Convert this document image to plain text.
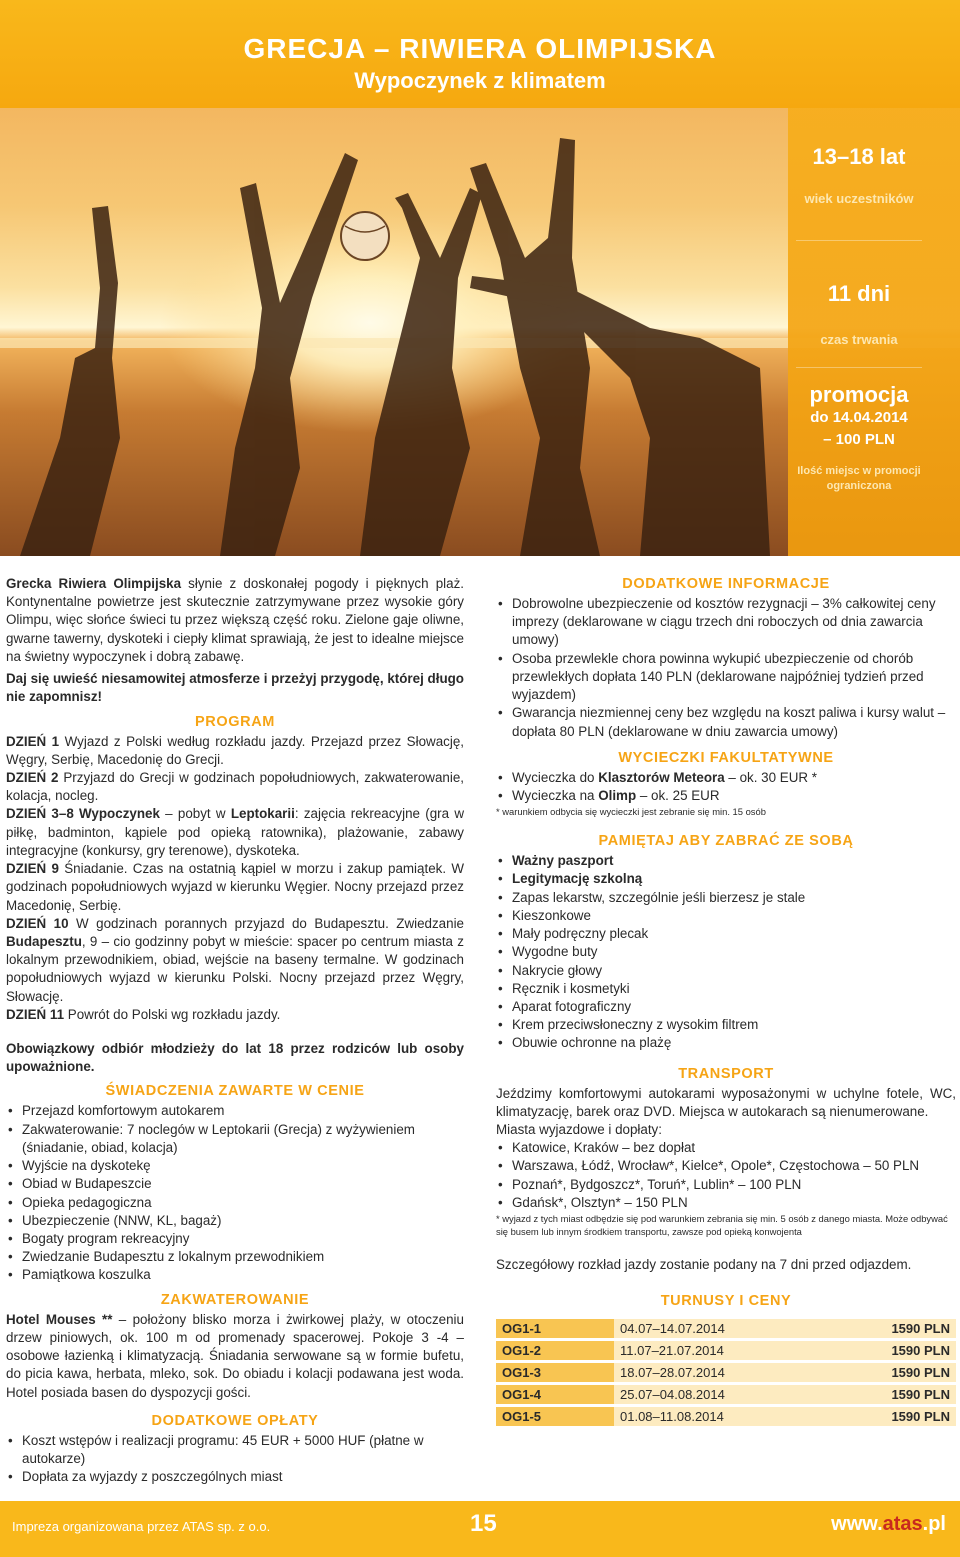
GRECJA – RIWIERA OLIMPIJSKA
Wypoczynek z klimatem
13–18 lat
wiek uczestników
11 dni
czas trwania
promocja
do 14.04.2014
– 100 PLN
Ilość miejsc w promocji ograniczona

Grecka Riwiera Olimpijska słynie z doskonałej pogody i pięknych plaż. Kontynentalne powietrze jest skutecznie zatrzymywane przez wysokie góry Olimpu, więc słońce świeci tu przez większą część roku. Zielone gaje oliwne, gwarne tawerny, dyskoteki i ciepły klimat sprawiają, że jest to idealne miejsce na świetny wypoczynek i dobrą zabawę.

Daj się uwieść niesamowitej atmosferze i przeżyj przygodę, której długo nie zapomnisz!

PROGRAM

DZIEŃ 1 Wyjazd z Polski według rozkładu jazdy. Przejazd przez Słowację, Węgry, Serbię, Macedonię do Grecji.

DZIEŃ 2 Przyjazd do Grecji w godzinach popołudniowych, zakwaterowanie, kolacja, nocleg.

DZIEŃ 3–8 Wypoczynek – pobyt w Leptokarii: zajęcia rekreacyjne (gra w piłkę, badminton, kąpiele pod opieką ratownika), plażowanie, zabawy integracyjne (konkursy, gry terenowe), dyskoteka.

DZIEŃ 9 Śniadanie. Czas na ostatnią kąpiel w morzu i zakup pamiątek. W godzinach popołudniowych wyjazd w kierunku Węgier. Nocny przejazd przez Macedonię, Serbię.

DZIEŃ 10 W godzinach porannych przyjazd do Budapesztu. Zwiedzanie Budapesztu, 9 – cio godzinny pobyt w mieście: spacer po centrum miasta z lokalnym przewodnikiem, obiad, wejście na baseny termalne. W godzinach popołudniowych wyjazd w kierunku Polski. Nocny przejazd przez Węgry, Słowację.

DZIEŃ 11 Powrót do Polski wg rozkładu jazdy.

Obowiązkowy odbiór młodzieży do lat 18 przez rodziców lub osoby upoważnione.

ŚWIADCZENIA ZAWARTE W CENIE
• Przejazd komfortowym autokarem
• Zakwaterowanie: 7 noclegów w Leptokarii (Grecja) z wyżywieniem (śniadanie, obiad, kolacja)
• Wyjście na dyskotekę
• Obiad w Budapeszcie
• Opieka pedagogiczna
• Ubezpieczenie (NNW, KL, bagaż)
• Bogaty program rekreacyjny
• Zwiedzanie Budapesztu z lokalnym przewodnikiem
• Pamiątkowa koszulka
ZAKWATEROWANIE

Hotel Mouses ** – położony blisko morza i żwirkowej plaży, w otoczeniu drzew piniowych, ok. 100 m od promenady spacerowej. Pokoje 3 -4 – osobowe łazienką i klimatyzacją. Śniadania serwowane są w formie bufetu, do picia kawa, herbata, mleko, sok. Do obiadu i kolacji podawana jest woda. Hotel posiada basen do dyspozycji gości.

DODATKOWE OPŁATY
• Koszt wstępów i realizacji programu: 45 EUR + 5000 HUF (płatne w autokarze)
• Dopłata za wyjazdy z poszczególnych miast
DODATKOWE INFORMACJE
• Dobrowolne ubezpieczenie od kosztów rezygnacji – 3% całkowitej ceny imprezy (deklarowane w ciągu trzech dni roboczych od dnia zawarcia umowy)
• Osoba przewlekle chora powinna wykupić ubezpieczenie od chorób przewlekłych dopłata 140 PLN (deklarowane najpóźniej tydzień przed wyjazdem)
• Gwarancja niezmiennej ceny bez względu na koszt paliwa i kursy walut – dopłata 80 PLN (deklarowane w dniu zawarcia umowy)
WYCIECZKI FAKULTATYWNE
• Wycieczka do Klasztorów Meteora – ok. 30 EUR *
• Wycieczka na Olimp – ok. 25 EUR
* warunkiem odbycia się wycieczki jest zebranie się min. 15 osób
PAMIĘTAJ ABY ZABRAĆ ZE SOBĄ
• Ważny paszport
• Legitymację szkolną
• Zapas lekarstw, szczególnie jeśli bierzesz je stale
• Kieszonkowe
• Mały podręczny plecak
• Wygodne buty
• Nakrycie głowy
• Ręcznik i kosmetyki
• Aparat fotograficzny
• Krem przeciwsłoneczny z wysokim filtrem
• Obuwie ochronne na plażę
TRANSPORT

Jeździmy komfortowymi autokarami wyposażonymi w uchylne fotele, WC, klimatyzację, barek oraz DVD. Miejsca w autokarach są nienumerowane.

Miasta wyjazdowe i dopłaty:

• Katowice, Kraków – bez dopłat
• Warszawa, Łódź, Wrocław*, Kielce*, Opole*, Częstochowa – 50 PLN
• Poznań*, Bydgoszcz*, Toruń*, Lublin* – 100 PLN
• Gdańsk*, Olsztyn* – 150 PLN
* wyjazd z tych miast odbędzie się pod warunkiem zebrania się min. 5 osób z danego miasta. Może odbywać się busem lub innym środkiem transportu, zawsze pod opieką konwojenta

Szczegółowy rozkład jazdy zostanie podany na 7 dni przed odjazdem.

TURNUSY I CENY
OG1-1	04.07–14.07.2014	1590 PLN
OG1-2	11.07–21.07.2014	1590 PLN
OG1-3	18.07–28.07.2014	1590 PLN
OG1-4	25.07–04.08.2014	1590 PLN
OG1-5	01.08–11.08.2014	1590 PLN
Impreza organizowana przez ATAS sp. z o.o.	15	www.atas.pl
